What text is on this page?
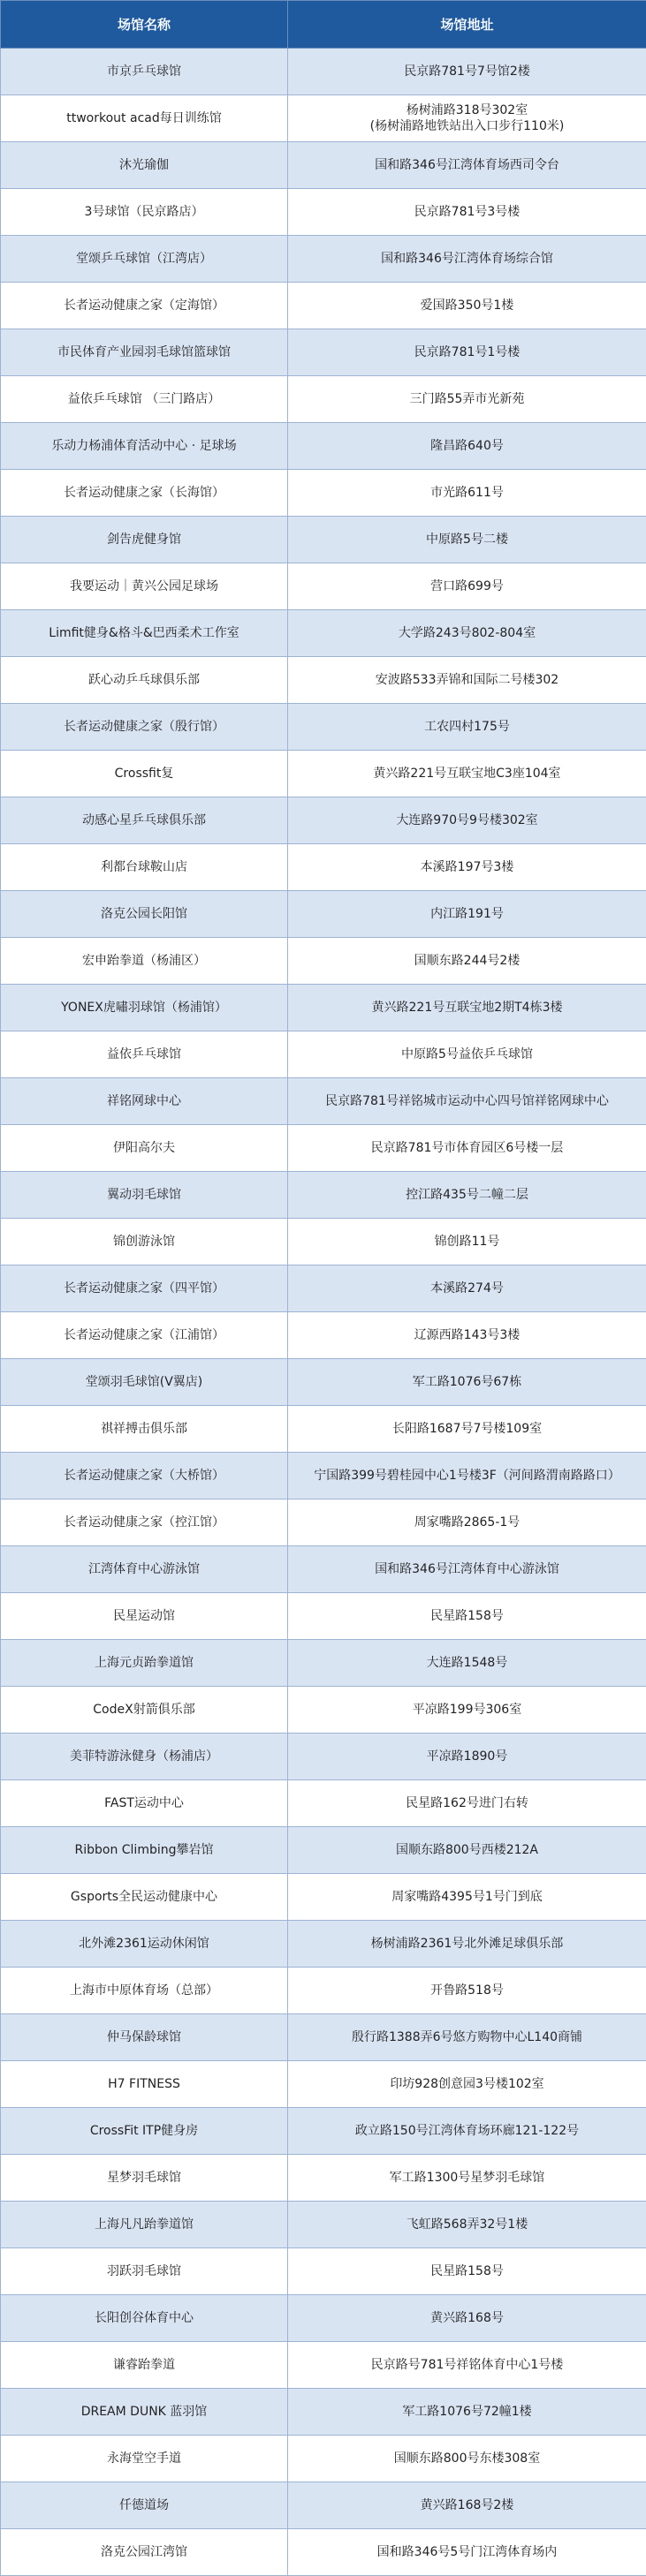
场馆名称	场馆地址
市京乒乓球馆	民京路781号7号馆2楼
ttworkout acad每日训练馆	杨树浦路318号302室
(杨树浦路地铁站出入口步行110米)
沐光瑜伽	国和路346号江湾体育场西司令台
3号球馆（民京路店）	民京路781号3号楼
堂颂乒乓球馆（江湾店）	国和路346号江湾体育场综合馆
长者运动健康之家（定海馆）	爱国路350号1楼
市民体育产业园羽毛球馆篮球馆	民京路781号1号楼
益依乒乓球馆 （三门路店）	三门路55弄市光新苑
乐动力杨浦体育活动中心 · 足球场	隆昌路640号
长者运动健康之家（长海馆）	市光路611号
剑告虎健身馆	中原路5号二楼
我要运动｜黄兴公园足球场	营口路699号
Limfit健身&格斗&巴西柔术工作室	大学路243号802-804室
跃心动乒乓球俱乐部	安波路533弄锦和国际二号楼302
长者运动健康之家（殷行馆）	工农四村175号
Crossfit复	黄兴路221号互联宝地C3座104室
动感心星乒乓球俱乐部	大连路970号9号楼302室
利都台球鞍山店	本溪路197号3楼
洛克公园长阳馆	内江路191号
宏申跆拳道（杨浦区）	国顺东路244号2楼
YONEX虎嘯羽球馆（杨浦馆）	黄兴路221号互联宝地2期T4栋3楼
益依乒乓球馆	中原路5号益依乒乓球馆
祥铭网球中心	民京路781号祥铭城市运动中心四号馆祥铭网球中心
伊阳高尔夫	民京路781号市体育园区6号楼一层
翼动羽毛球馆	控江路435号二幢二层
锦创游泳馆	锦创路11号
长者运动健康之家（四平馆）	本溪路274号
长者运动健康之家（江浦馆）	辽源西路143号3楼
堂颂羽毛球馆(V翼店)	军工路1076号67栋
祺祥搏击俱乐部	长阳路1687号7号楼109室
长者运动健康之家（大桥馆）	宁国路399号碧桂园中心1号楼3F（河间路渭南路路口）
长者运动健康之家（控江馆）	周家嘴路2865-1号
江湾体育中心游泳馆	国和路346号江湾体育中心游泳馆
民星运动馆	民星路158号
上海元贞跆拳道馆	大连路1548号
CodeX射箭俱乐部	平凉路199号306室
美菲特游泳健身（杨浦店）	平凉路1890号
FAST运动中心	民星路162号进门右转
Ribbon Climbing攀岩馆	国顺东路800号西楼212A
Gsports全民运动健康中心	周家嘴路4395号1号门到底
北外滩2361运动休闲馆	杨树浦路2361号北外滩足球俱乐部
上海市中原体育场（总部）	开鲁路518号
仲马保龄球馆	殷行路1388弄6号悠方购物中心L140商铺
H7 FITNESS	印坊928创意园3号楼102室
CrossFit ITP健身房	政立路150号江湾体育场环廊121-122号
星梦羽毛球馆	军工路1300号星梦羽毛球馆
上海凡凡跆拳道馆	飞虹路568弄32号1楼
羽跃羽毛球馆	民星路158号
长阳创谷体育中心	黄兴路168号
谦睿跆拳道	民京路号781号祥铭体育中心1号楼
DREAM DUNK 蓝羽馆	军工路1076号72幢1楼
永海堂空手道	国顺东路800号东楼308室
仟德道场	黄兴路168号2楼
洛克公园江湾馆	国和路346号5号门江湾体育场内
